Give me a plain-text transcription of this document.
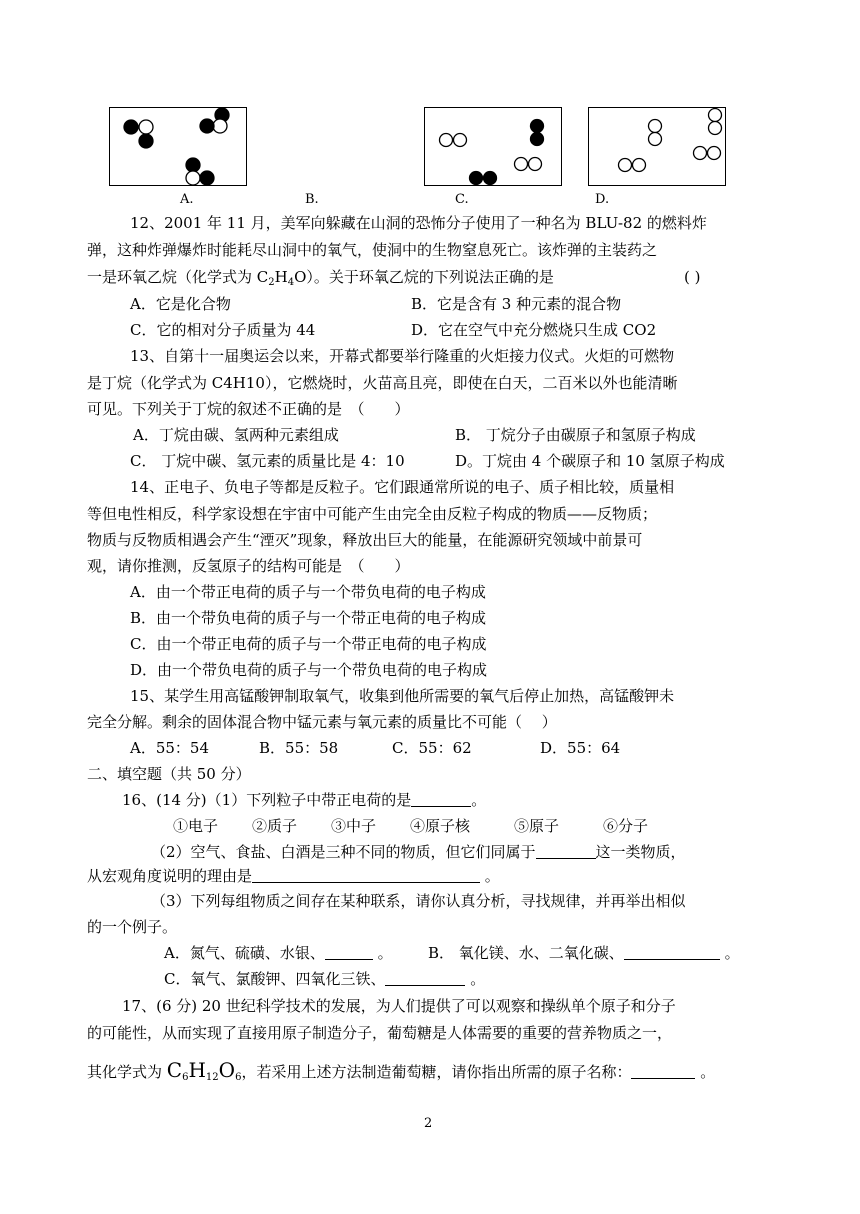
A.	B.	C.	D.
12、2001 年 11 月，美军向躲藏在山洞的恐怖分子使用了一种名为 BLU-82 的燃料炸
弹，这种炸弹爆炸时能耗尽山洞中的氧气，使洞中的生物窒息死亡。该炸弹的主装药之
一是环氧乙烷（化学式为 $C_2H_4O$）。关于环氧乙烷的下列说法正确的是	( )
A．它是化合物	B．它是含有 3 种元素的混合物
C．它的相对分子质量为 44	D．它在空气中充分燃烧只生成 CO2
13、自第十一届奥运会以来，开幕式都要举行隆重的火炬接力仪式。火炬的可燃物
是丁烷（化学式为 C4H10），它燃烧时，火苗高且亮，即使在白天，二百米以外也能清晰
可见。下列关于丁烷的叙述不正确的是　（　　）
A．丁烷由碳、氢两种元素组成	B． 丁烷分子由碳原子和氢原子构成
C． 丁烷中碳、氢元素的质量比是 4：10	D。丁烷由 4 个碳原子和 10 氢原子构成
14、正电子、负电子等都是反粒子。它们跟通常所说的电子、质子相比较，质量相
等但电性相反，科学家设想在宇宙中可能产生由完全由反粒子构成的物质——反物质；
物质与反物质相遇会产生“湮灭”现象，释放出巨大的能量，在能源研究领域中前景可
观，请你推测，反氢原子的结构可能是　（　　）
A．由一个带正电荷的质子与一个带负电荷的电子构成
B．由一个带负电荷的质子与一个带正电荷的电子构成
C．由一个带正电荷的质子与一个带正电荷的电子构成
D．由一个带负电荷的质子与一个带负电荷的电子构成
15、某学生用高锰酸钾制取氧气，收集到他所需要的氧气后停止加热，高锰酸钾未
完全分解。剩余的固体混合物中锰元素与氧元素的质量比不可能（　 ）
A．55：54	B．55：58	C．55：62	D．55：64
二、填空题（共 50 分）
16、(14 分)（1）下列粒子中带正电荷的是	。
①电子 ②质子 ③中子 ④原子核	⑤原子	⑥分子
（2）空气、食盐、白酒是三种不同的物质，但它们同属于	这一类物质，
从宏观角度说明的理由是	。
（3）下列每组物质之间存在某种联系，请你认真分析，寻找规律，并再举出相似
的一个例子。
A．氮气、硫磺、水银、	。 B． 氧化镁、水、二氧化碳、	。
C．氧气、氯酸钾、四氧化三铁、	。
17、(6 分) 20 世纪科学技术的发展，为人们提供了可以观察和操纵单个原子和分子
的可能性，从而实现了直接用原子制造分子，葡萄糖是人体需要的重要的营养物质之一，
其化学式为 $C_6H_{12}O_6$，若采用上述方法制造葡萄糖，请你指出所需的原子名称：	。
2
